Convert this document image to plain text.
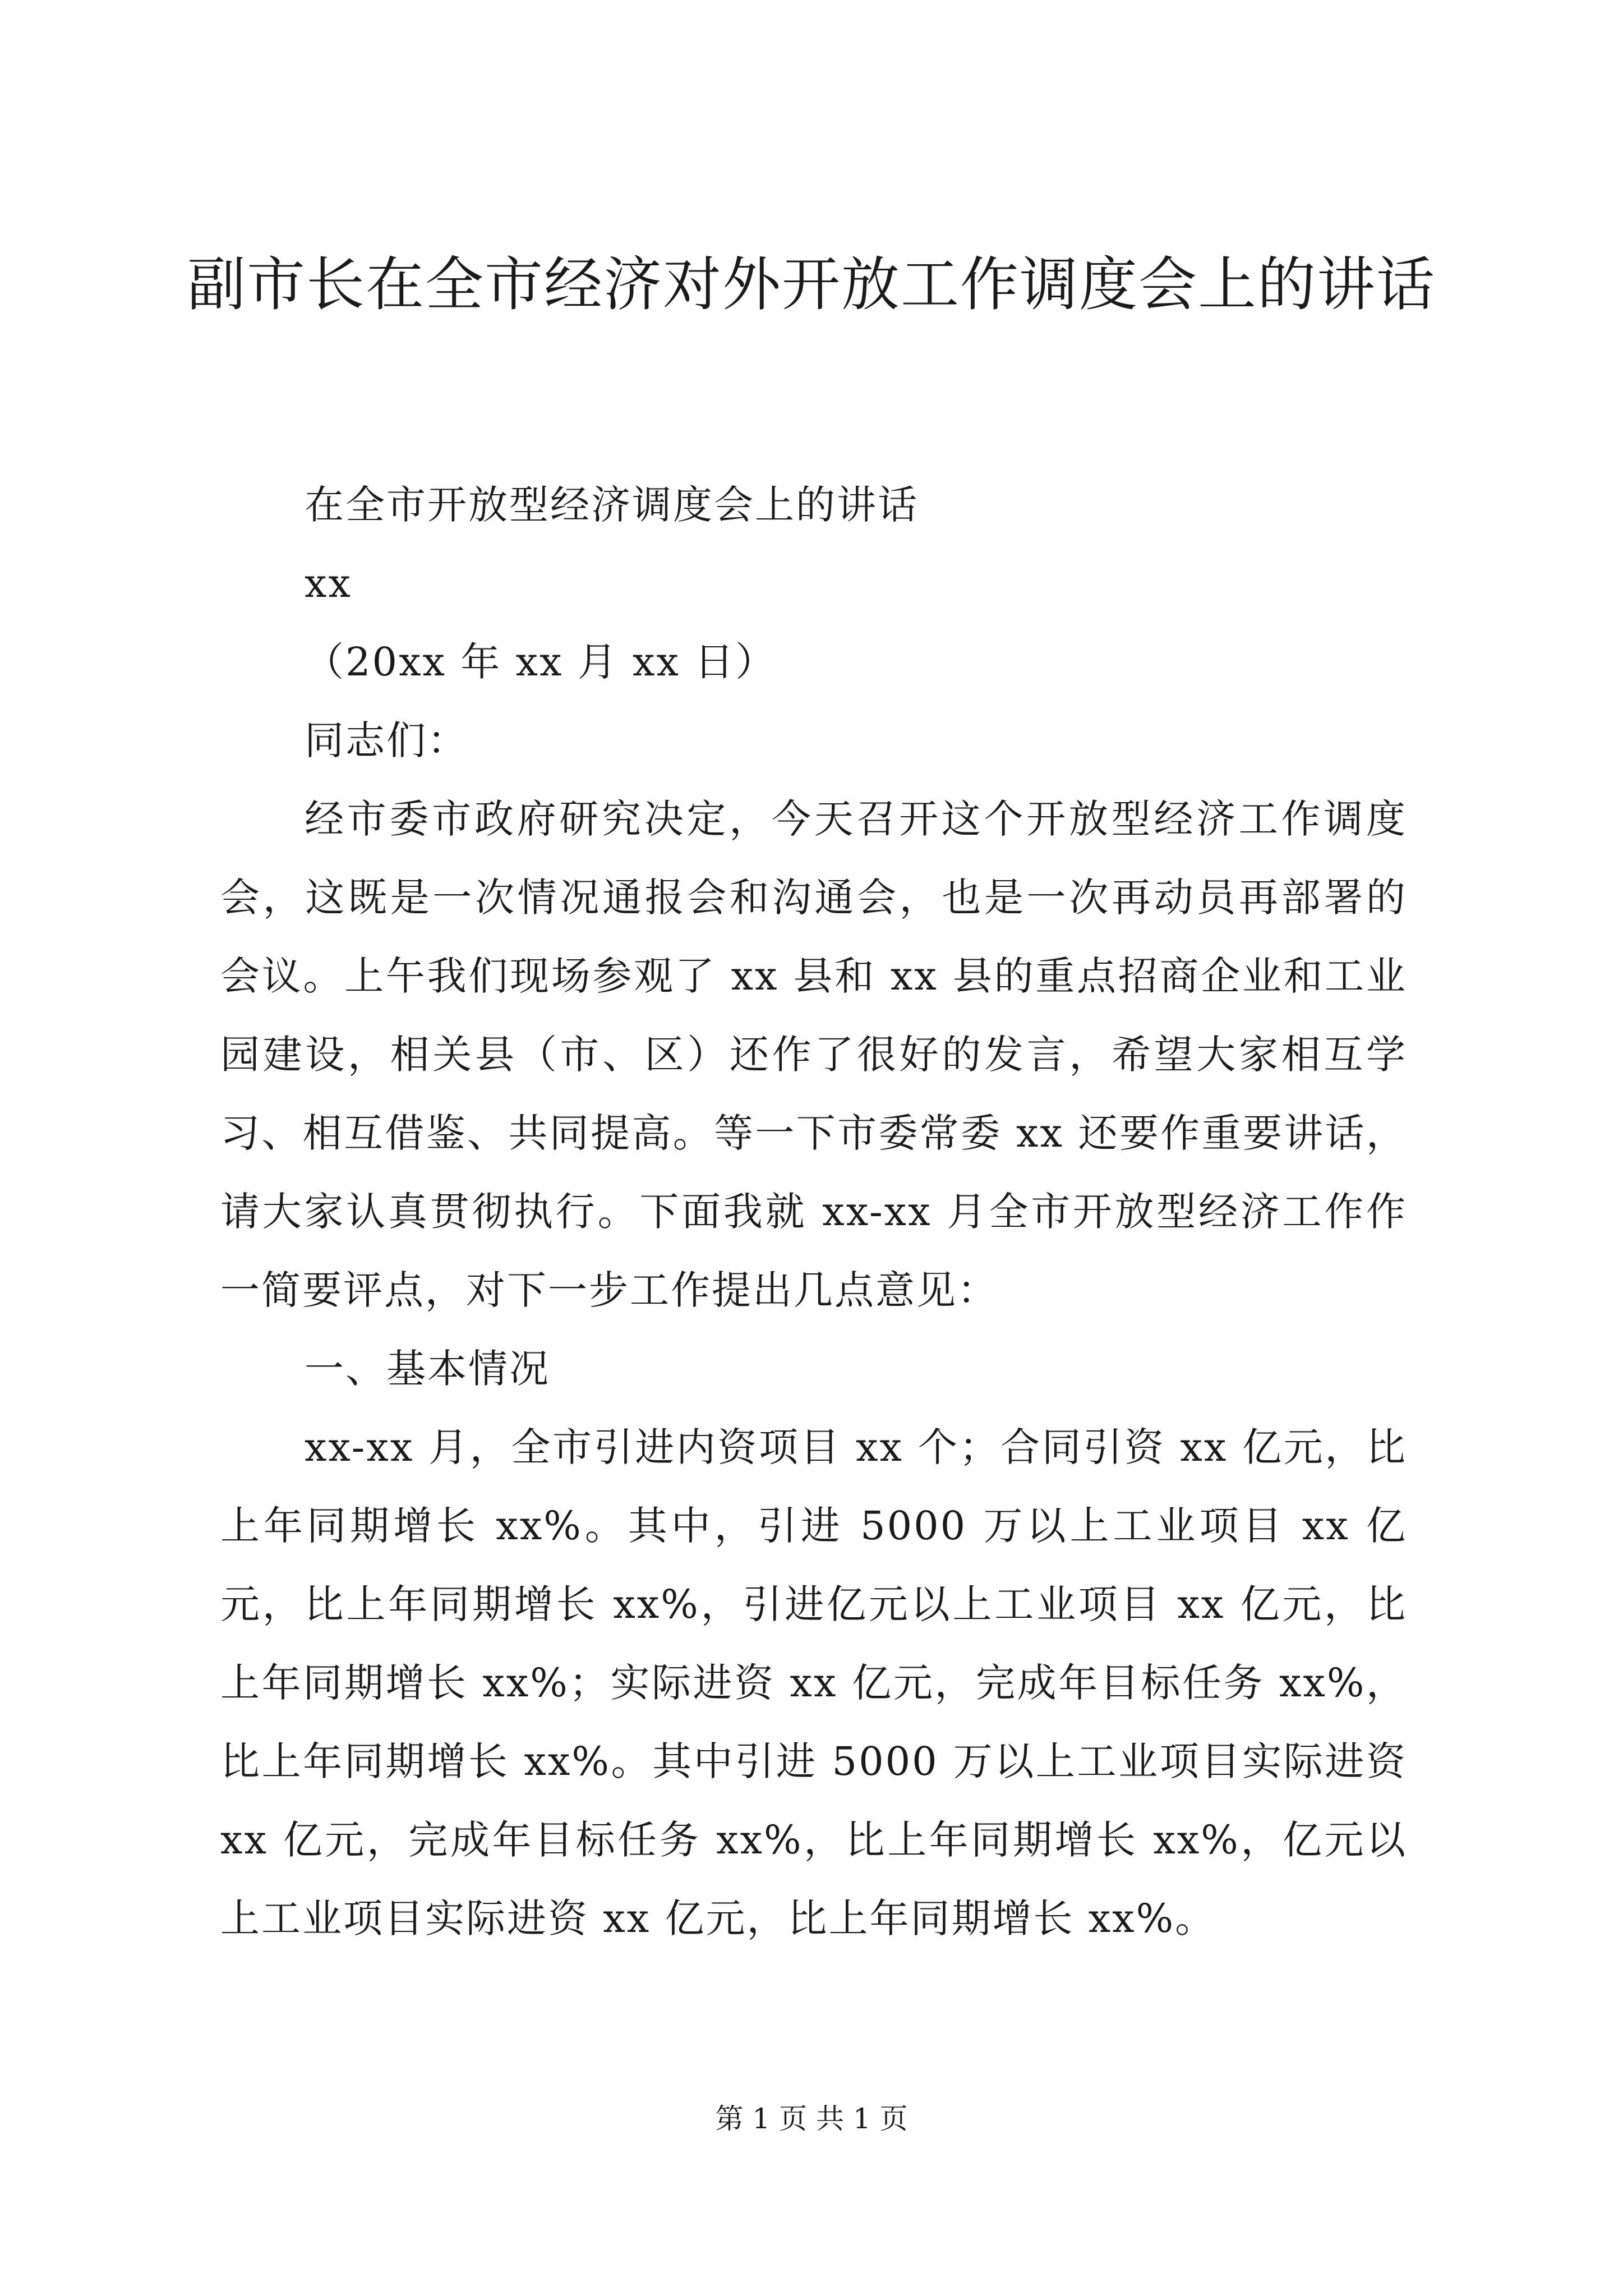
副市长在全市经济对外开放工作调度会上的讲话

在全市开放型经济调度会上的讲话

xx

（20xx 年 xx 月 xx 日）

同志们：

经市委市政府研究决定，今天召开这个开放型经济工作调度会，这既是一次情况通报会和沟通会，也是一次再动员再部署的会议。上午我们现场参观了 xx 县和 xx 县的重点招商企业和工业园建设，相关县（市、区）还作了很好的发言，希望大家相互学习、相互借鉴、共同提高。等一下市委常委 xx 还要作重要讲话，请大家认真贯彻执行。下面我就 xx-xx 月全市开放型经济工作作一简要评点，对下一步工作提出几点意见：

一、基本情况

xx-xx 月，全市引进内资项目 xx 个；合同引资 xx 亿元，比上年同期增长 xx%。其中，引进 5000 万以上工业项目 xx 亿元，比上年同期增长 xx%，引进亿元以上工业项目 xx 亿元，比上年同期增长 xx%；实际进资 xx 亿元，完成年目标任务 xx%，比上年同期增长 xx%。其中引进 5000 万以上工业项目实际进资 xx 亿元，完成年目标任务 xx%，比上年同期增长 xx%，亿元以上工业项目实际进资 xx 亿元，比上年同期增长 xx%。

第 1 页 共 1 页
